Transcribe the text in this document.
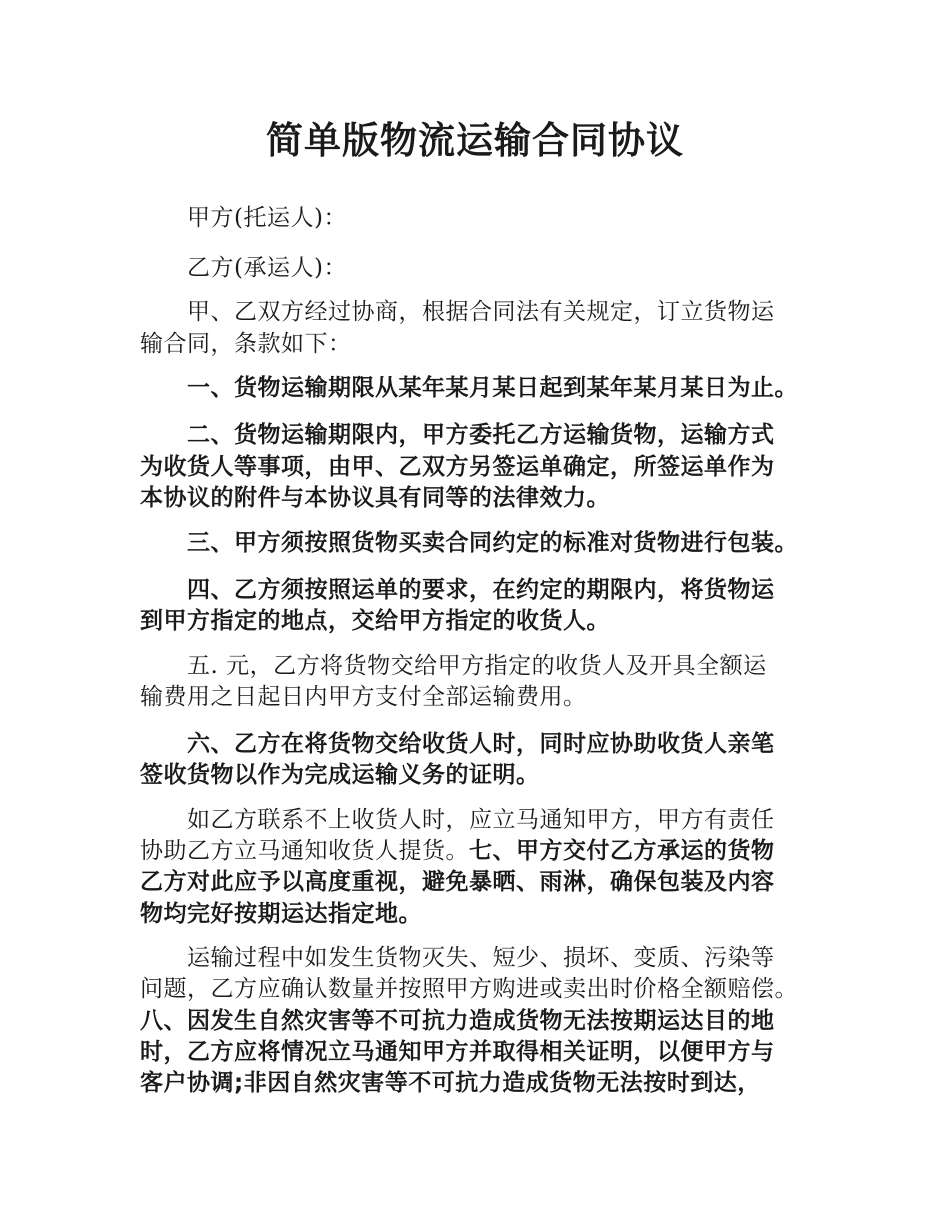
简单版物流运输合同协议
甲方(托运人)：
乙方(承运人)：
甲、乙双方经过协商，根据合同法有关规定，订立货物运
输合同，条款如下：
一、货物运输期限从某年某月某日起到某年某月某日为止。
二、货物运输期限内，甲方委托乙方运输货物，运输方式
为收货人等事项，由甲、乙双方另签运单确定，所签运单作为
本协议的附件与本协议具有同等的法律效力。
三、甲方须按照货物买卖合同约定的标准对货物进行包装。
四、乙方须按照运单的要求，在约定的期限内，将货物运
到甲方指定的地点，交给甲方指定的收货人。
五. 元，乙方将货物交给甲方指定的收货人及开具全额运
输费用之日起日内甲方支付全部运输费用。
六、乙方在将货物交给收货人时，同时应协助收货人亲笔
签收货物以作为完成运输义务的证明。
如乙方联系不上收货人时，应立马通知甲方，甲方有责任
协助乙方立马通知收货人提货。七、甲方交付乙方承运的货物
乙方对此应予以高度重视，避免暴晒、雨淋，确保包装及内容
物均完好按期运达指定地。
运输过程中如发生货物灭失、短少、损坏、变质、污染等
问题，乙方应确认数量并按照甲方购进或卖出时价格全额赔偿。
八、因发生自然灾害等不可抗力造成货物无法按期运达目的地
时，乙方应将情况立马通知甲方并取得相关证明，以便甲方与
客户协调;非因自然灾害等不可抗力造成货物无法按时到达，
